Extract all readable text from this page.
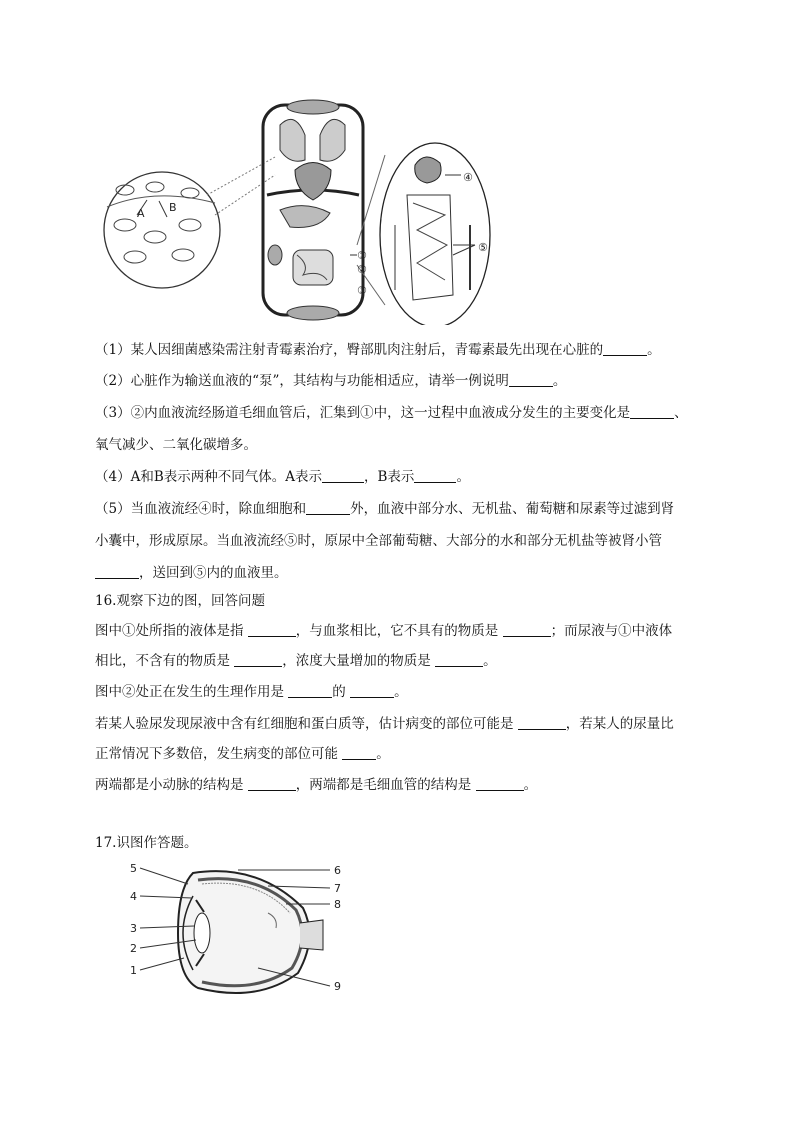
A B
①
②
③
④
⑤
（1）某人因细菌感染需注射青霉素治疗，臀部肌肉注射后，青霉素最先出现在心脏的	。
（2）心脏作为输送血液的“泵”，其结构与功能相适应，请举一例说明	。
（3）②内血液流经肠道毛细血管后，汇集到①中，这一过程中血液成分发生的主要变化是	、
氧气减少、二氧化碳增多。
（4）A和B表示两种不同气体。A表示	，B表示	。
（5）当血液流经④时，除血细胞和	外，血液中部分水、无机盐、葡萄糖和尿素等过滤到肾
小囊中，形成原尿。当血液流经⑤时，原尿中全部葡萄糖、大部分的水和部分无机盐等被肾小管
，送回到⑤内的血液里。
16.观察下边的图，回答问题
图中①处所指的液体是指	，与血浆相比，它不具有的物质是	；而尿液与①中液体
相比，不含有的物质是	，浓度大量增加的物质是	。
图中②处正在发生的生理作用是	的	。
若某人验尿发现尿液中含有红细胞和蛋白质等，估计病变的部位可能是	，若某人的尿量比
正常情况下多数倍，发生病变的部位可能	。
两端都是小动脉的结构是	，两端都是毛细血管的结构是	。
17.识图作答题。
5
4
3
2
1
6
7
8
9
